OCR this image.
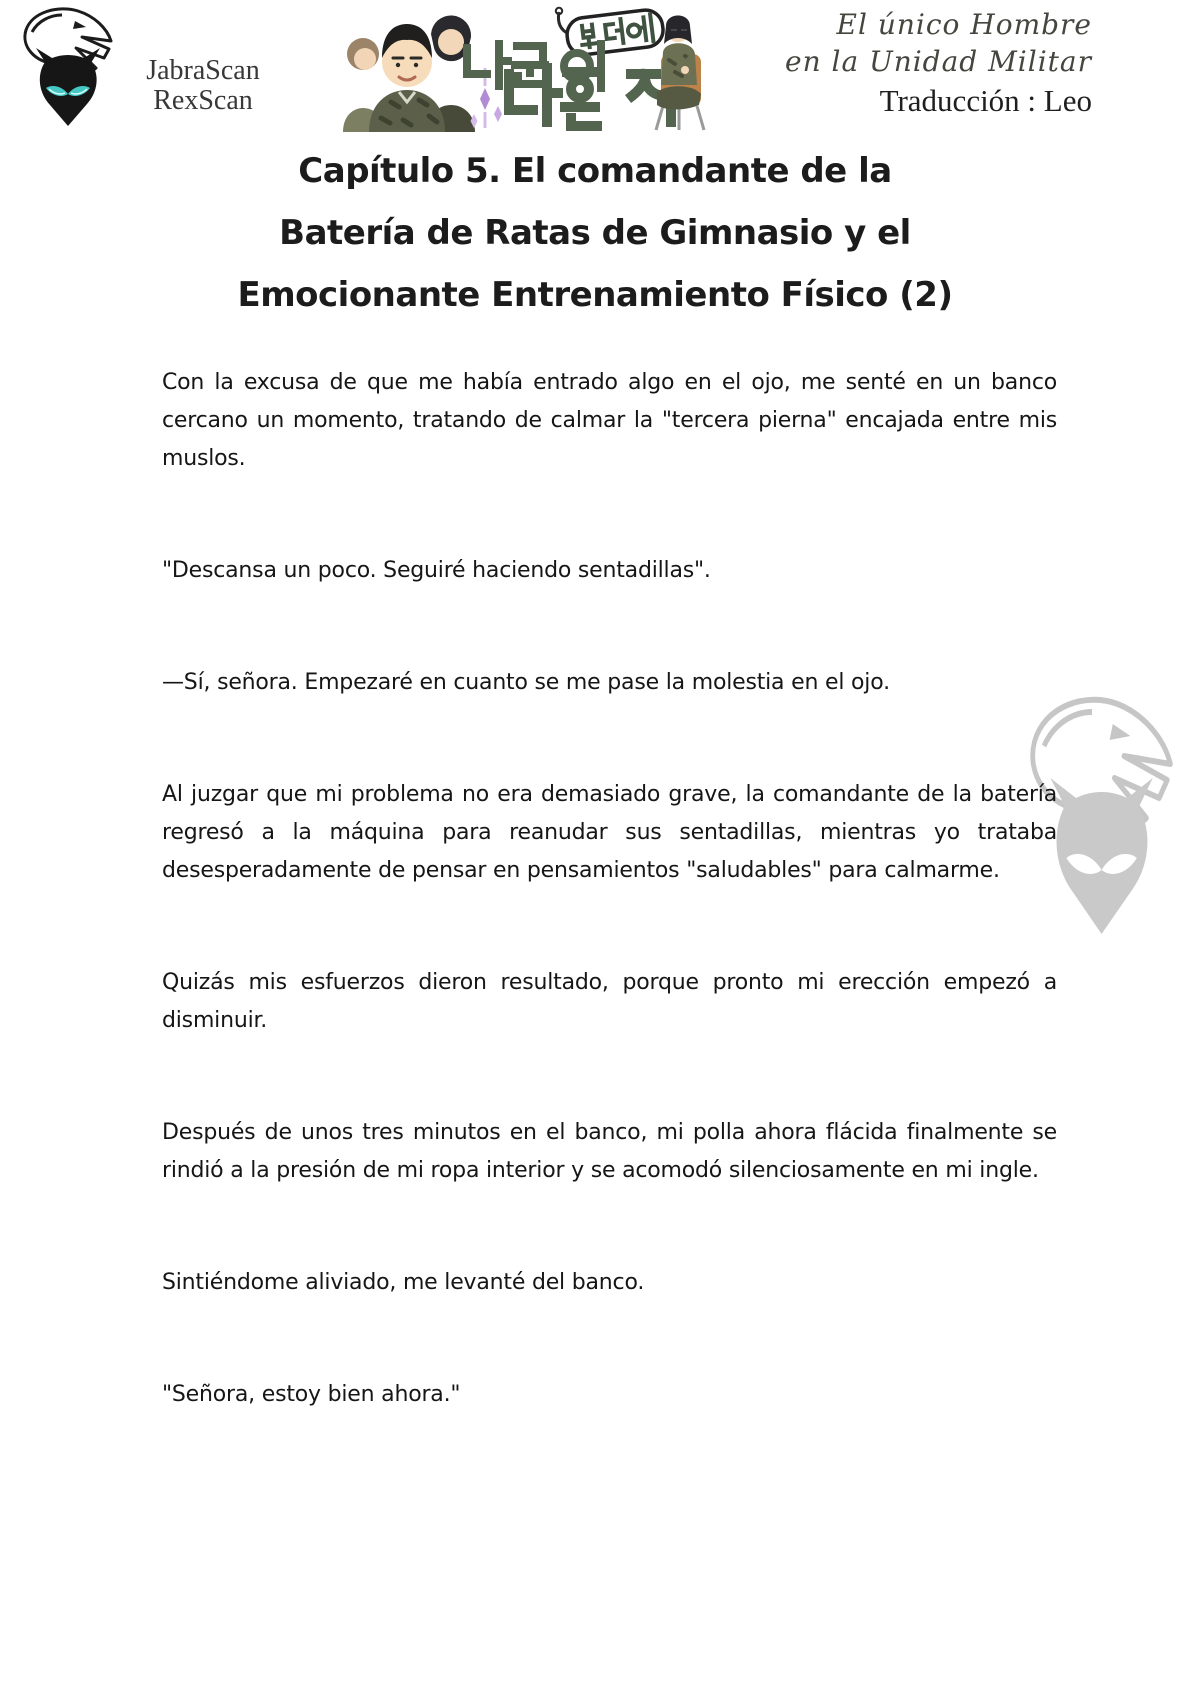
JabraScan
RexScan
El único Hombre
en la Unidad Militar
Traducción : Leo
Capítulo 5. El comandante de la
Batería de Ratas de Gimnasio y el
Emocionante Entrenamiento Físico (2)

Con la excusa de que me había entrado algo en el ojo, me senté en un banco cercano un momento, tratando de calmar la "tercera pierna" encajada entre mis muslos.

"Descansa un poco. Seguiré haciendo sentadillas".

—Sí, señora. Empezaré en cuanto se me pase la molestia en el ojo.

Al juzgar que mi problema no era demasiado grave, la comandante de la batería regresó a la máquina para reanudar sus sentadillas, mientras yo trataba desesperadamente de pensar en pensamientos "saludables" para calmarme.

Quizás mis esfuerzos dieron resultado, porque pronto mi erección empezó a disminuir.

Después de unos tres minutos en el banco, mi polla ahora flácida finalmente se rindió a la presión de mi ropa interior y se acomodó silenciosamente en mi ingle.

Sintiéndome aliviado, me levanté del banco.

"Señora, estoy bien ahora."
